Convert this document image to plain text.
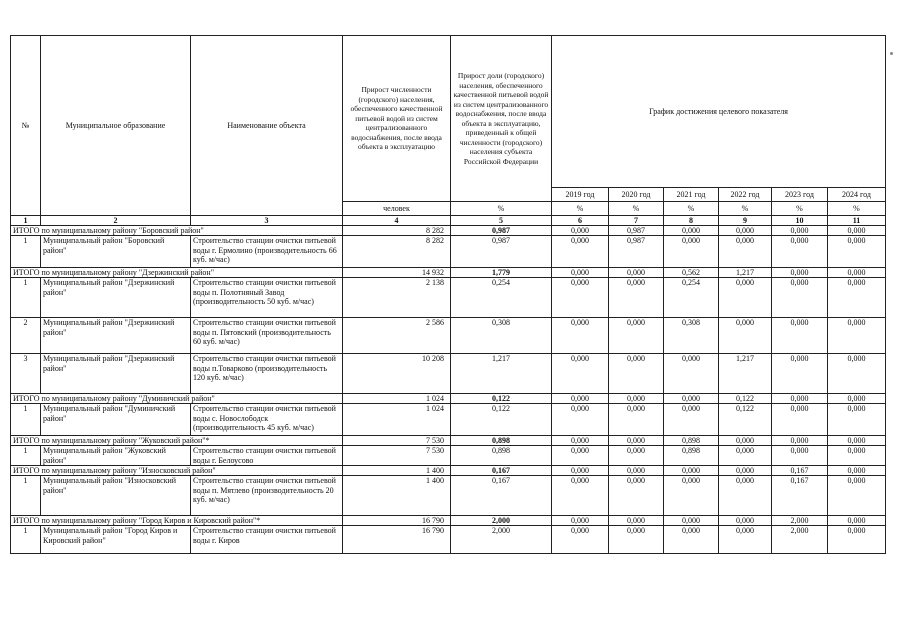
№	Муниципальное образование	Наименование объекта	Прирост численности (городского) населения, обеспеченного качественной питьевой водой из систем централизованного водоснабжения, после ввода объекта в эксплуатацию	Прирост доли (городского) населения, обеспеченного качественной питьевой водой из систем централизованного водоснабжения, после ввода объекта в эксплуатацию, приведенный к общей численности (городского) населения субъекта Российской Федерации	График достижения целевого показателя					
					2019 год	2020 год	2021 год	2022 год	2023 год	2024 год
			человек	%	%	%	%	%	%	%
1	2	3	4	5	6	7	8	9	10	11
ИТОГО по муниципальному району "Боровский район"			8 282	0,987	0,000	0,987	0,000	0,000	0,000	0,000
1	Муниципальный район "Боровский район"	Строительство станции очистки питьевой воды г. Ермолино (производительность 66 куб. м/час)	8 282	0,987	0,000	0,987	0,000	0,000	0,000	0,000
ИТОГО по муниципальному району "Дзержинский район"			14 932	1,779	0,000	0,000	0,562	1,217	0,000	0,000
1	Муниципальный район "Дзержинский район"	Строительство станции очистки питьевой воды п. Полотняный Завод (производительность 50 куб. м/час)	2 138	0,254	0,000	0,000	0,254	0,000	0,000	0,000
2	Муниципальный район "Дзержинский район"	Строительство станции очистки питьевой воды п. Пятовский (производительность 60 куб. м/час)	2 586	0,308	0,000	0,000	0,308	0,000	0,000	0,000
3	Муниципальный район "Дзержинский район"	Строительство станции очистки питьевой воды п.Товарково (производительность 120 куб. м/час)	10 208	1,217	0,000	0,000	0,000	1,217	0,000	0,000
ИТОГО по муниципальному району "Думиничский район"			1 024	0,122	0,000	0,000	0,000	0,122	0,000	0,000
1	Муниципальный район "Думиничский район"	Строительство станции очистки питьевой воды с. Новослободск (производительность 45 куб. м/час)	1 024	0,122	0,000	0,000	0,000	0,122	0,000	0,000
ИТОГО по муниципальному району "Жуковский район"*			7 530	0,898	0,000	0,000	0,898	0,000	0,000	0,000
1	Муниципальный район "Жуковский район"	Строительство станции очистки питьевой воды г. Белоусово	7 530	0,898	0,000	0,000	0,898	0,000	0,000	0,000
ИТОГО по муниципальному району "Износковский район"			1 400	0,167	0,000	0,000	0,000	0,000	0,167	0,000
1	Муниципальный район "Износковский район"	Строительство станции очистки питьевой воды п. Мятлево (производительность 20 куб. м/час)	1 400	0,167	0,000	0,000	0,000	0,000	0,167	0,000
ИТОГО по муниципальному району "Город Киров и Кировский район"*			16 790	2,000	0,000	0,000	0,000	0,000	2,000	0,000
1	Муниципальный район "Город Киров и Кировский район"	Строительство станции очистки питьевой воды г. Киров	16 790	2,000	0,000	0,000	0,000	0,000	2,000	0,000
